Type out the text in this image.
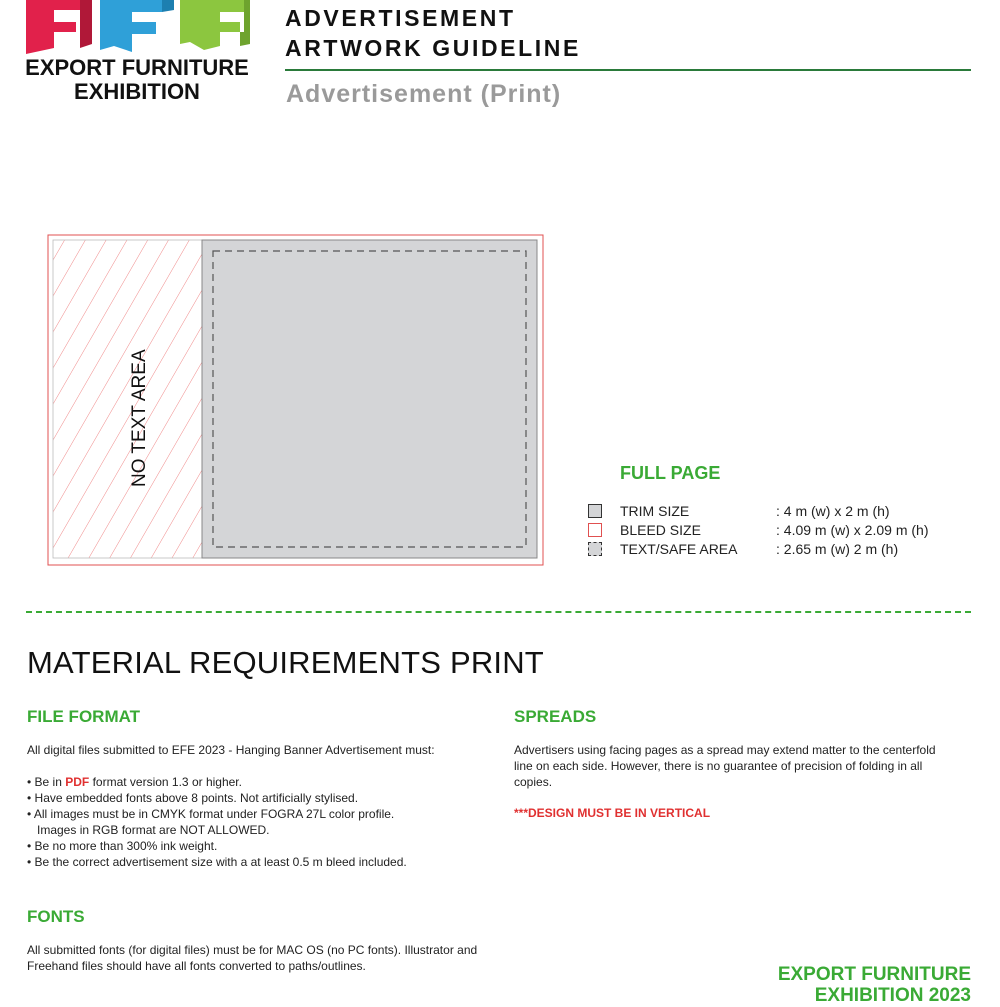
EXPORT FURNITURE
EXHIBITION
ADVERTISEMENT
ARTWORK GUIDELINE
Advertisement (Print)
NO TEXT AREA	FULL PAGE
TRIM SIZE	: 4 m (w) x 2 m (h)
BLEED SIZE	: 4.09 m (w) x 2.09 m (h)
TEXT/SAFE AREA	: 2.65 m (w) 2 m (h)
MATERIAL REQUIREMENTS PRINT
FILE FORMAT
All digital files submitted to EFE 2023 - Hanging Banner Advertisement must:
• Be in PDF format version 1.3 or higher.
• Have embedded fonts above 8 points. Not artificially stylised.
• All images must be in CMYK format under FOGRA 27L color profile.
Images in RGB format are NOT ALLOWED.
• Be no more than 300% ink weight.
• Be the correct advertisement size with a at least 0.5 m bleed included.
SPREADS
Advertisers using facing pages as a spread may extend matter to the centerfold line on each side. However, there is no guarantee of precision of folding in all copies.
***DESIGN MUST BE IN VERTICAL
FONTS
All submitted fonts (for digital files) must be for MAC OS (no PC fonts). Illustrator and Freehand files should have all fonts converted to paths/outlines.	EXPORT FURNITURE
EXHIBITION 2023
